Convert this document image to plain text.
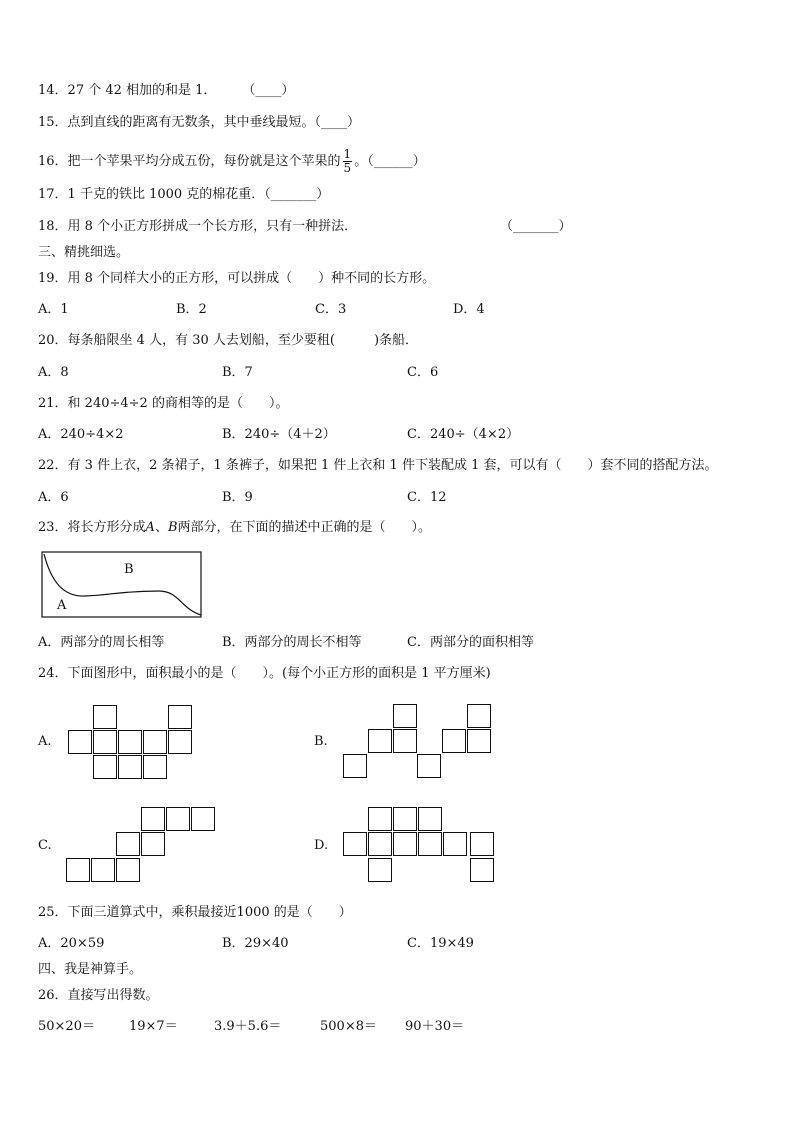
14．27 个 42 相加的和是 1．　　　（____）
15．点到直线的距离有无数条，其中垂线最短。（____）
16．把一个苹果平均分成五份，每份就是这个苹果的 $\frac{1}{5}$ 。（______）
17．1 千克的铁比 1000 克的棉花重．（_______）
18．用 8 个小正方形拼成一个长方形，只有一种拼法．	（_______）
三、精挑细选。
19．用 8 个同样大小的正方形，可以拼成（　　）种不同的长方形。
A．1	B．2	C．3	D．4
20．每条船限坐 4 人，有 30 人去划船，至少要租(　　　)条船．
A．8	B．7	C．6
21．和 240÷4÷2 的商相等的是（　　）。
A．240÷4×2	B．240÷（4＋2）	C．240÷（4×2）
22．有 3 件上衣，2 条裙子，1 条裤子，如果把 1 件上衣和 1 件下装配成 1 套，可以有（　　）套不同的搭配方法。
A．6	B．9	C．12
23．将长方形分成A、B两部分，在下面的描述中正确的是（　　）。
B
A
A．两部分的周长相等	B．两部分的周长不相等	C．两部分的面积相等
24．下面图形中，面积最小的是（　　）。(每个小正方形的面积是 1 平方厘米)
A.	B.
C.	D.
25．下面三道算式中，乘积最接近1000 的是（　　）
A．20×59	B．29×40	C．19×49
四、我是神算手。
26．直接写出得数。
50×20＝	19×7＝	3.9＋5.6＝	500×8＝ 90＋30＝
